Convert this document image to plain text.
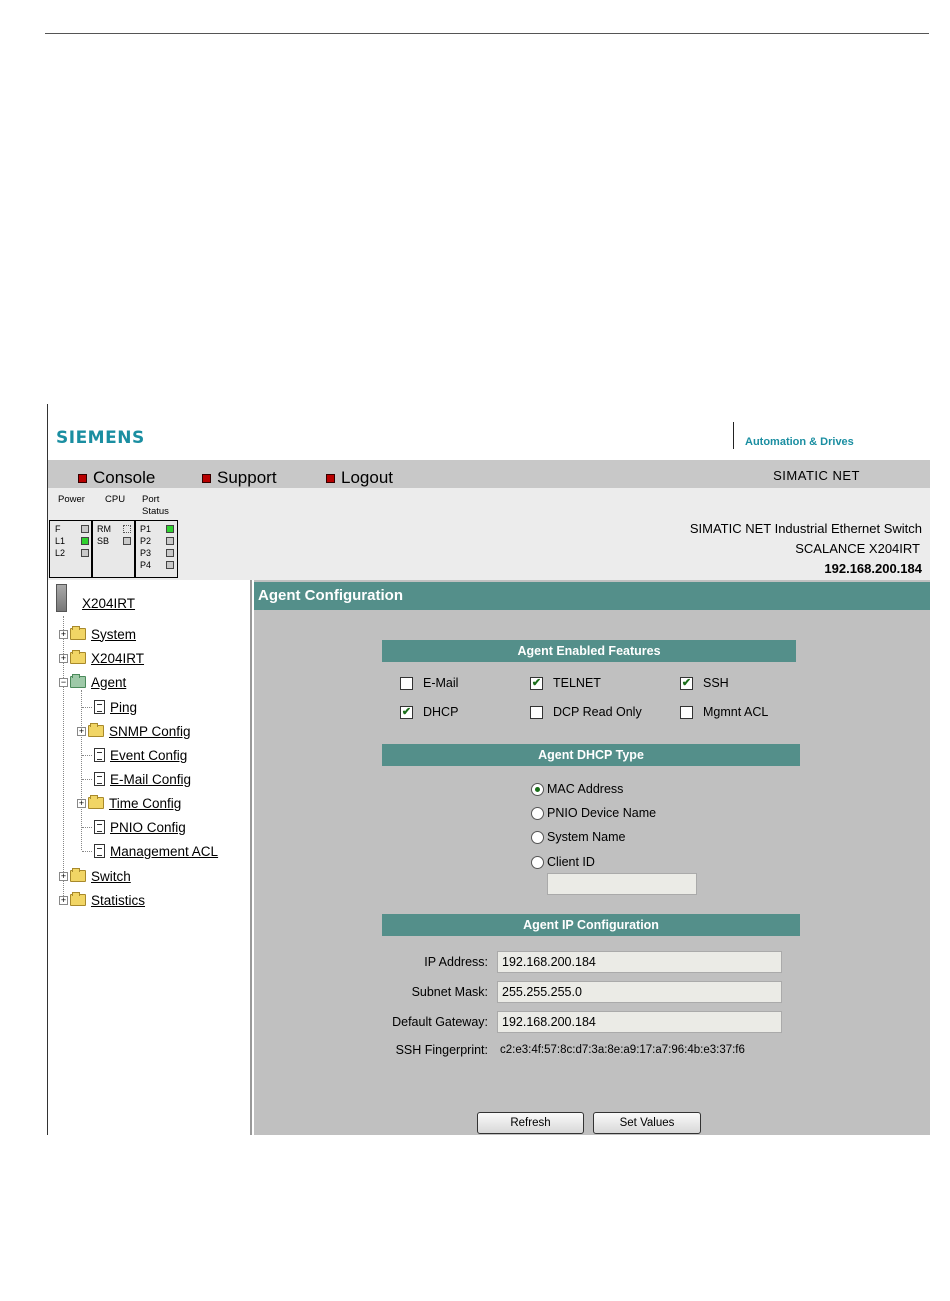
SIEMENS	Automation & Drives
Console	Support	Logout	SIMATIC NET
Power CPU Port
Status
F
L1
L2
RM
SB
P1
P2
P3
P4
SIMATIC NET Industrial Ethernet Switch
SCALANCE X204IRT
192.168.200.184
X204IRT
+ System
+ X204IRT
− Agent
Ping
+ SNMP Config
Event Config
E-Mail Config
+ Time Config
PNIO Config
Management ACL
+ Switch
+ Statistics
Agent Configuration
Agent Enabled Features
E-Mail	✔ TELNET	✔ SSH
✔ DHCP	DCP Read Only	Mgmnt ACL
Agent DHCP Type
MAC Address
PNIO Device Name
System Name
Client ID
Agent IP Configuration
IP Address:	192.168.200.184
Subnet Mask:	255.255.255.0
Default Gateway:	192.168.200.184
SSH Fingerprint: c2:e3:4f:57:8c:d7:3a:8e:a9:17:a7:96:4b:e3:37:f6
Refresh	Set Values
